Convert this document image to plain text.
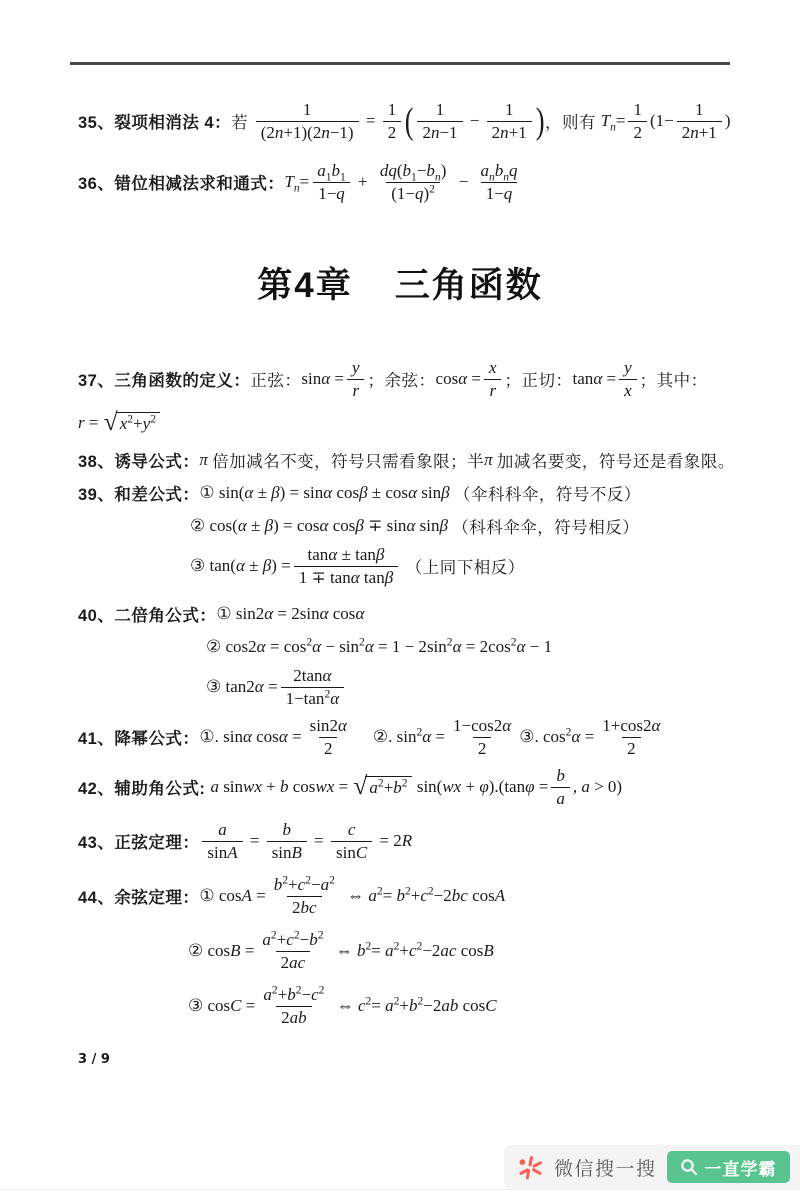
35、裂项相消法 4： 若 $\frac{1}{(2n+1)(2n-1)} = \frac{1}{2}$ ( $\frac{1}{2n-1} - \frac{1}{2n+1}$ ) ，则有 $T_n= \frac{1}{2} (1- \frac{1}{2n+1}$ )
36、错位相减法求和通式： $T_n= \frac{a_1b_1}{1-q} + \frac{dq(b_1-b_n)}{(1-q)^2} - \frac{a_nb_nq}{1-q}$
第4章 三角函数
37、三角函数的定义： 正弦： $\sin\alpha = \frac{y}{r}$ ；余弦： $\cos\alpha = \frac{x}{r}$ ；正切： $\tan\alpha = \frac{y}{x}$ ；其中：
r = √ $x^2+y^2$
38、诱导公式： π 倍加减名不变，符号只需看象限；半 π 加减名要变，符号还是看象限。
39、和差公式： ① sin(α ± β) = sinα cosβ ± cosα sinβ （伞科科伞，符号不反）
② cos(α ± β) = cosα cosβ ∓ sinα sinβ （科科伞伞，符号相反）
③ $\tan(\alpha \pm \beta) = \frac{\tan\alpha \pm \tan\beta}{\text{1 ∓ tanα tanβ}}$ （上同下相反）
40、二倍角公式： ① sin2α = 2sinα cosα
② $\cos 2\alpha = \cos^2\alpha - \sin^2\alpha = 1 - 2\sin^2\alpha = 2\cos^2\alpha - 1$
③ $\tan 2\alpha = \frac{2\tan\alpha}{1-\tan^2\alpha}$
41、降幂公式： ①. sinα $\cos\alpha = \frac{\sin 2\alpha}{2}$ ②. $\sin^2\alpha = \frac{1-\cos 2\alpha}{2}$ ③. $\cos^2\alpha = \frac{1+\cos 2\alpha}{2}$
42、辅助角公式: a sinwx + b coswx = √ $a^2+b^2$ $\sin(wx + \varphi).(\tan\varphi = \frac{b}{a}$ , a > 0)
43、正弦定理： $\frac{a}{\sin A} = \frac{b}{\sin B} = \frac{c}{\sin C} = 2R$
44、余弦定理： ① $\cos A = \frac{b^2+c^2-a^2}{2bc}$ ⇔ $a^2= b^2+c^2-2bc$ cosA
② $\cos B = \frac{a^2+c^2-b^2}{2ac}$ ⇔ $b^2= a^2+c^2-2ac$ cosB
③ $\cos C = \frac{a^2+b^2-c^2}{2ab}$ ⇔ $c^2= a^2+b^2-2ab$ cosC
3 / 9
微信搜一搜	一直学霸
